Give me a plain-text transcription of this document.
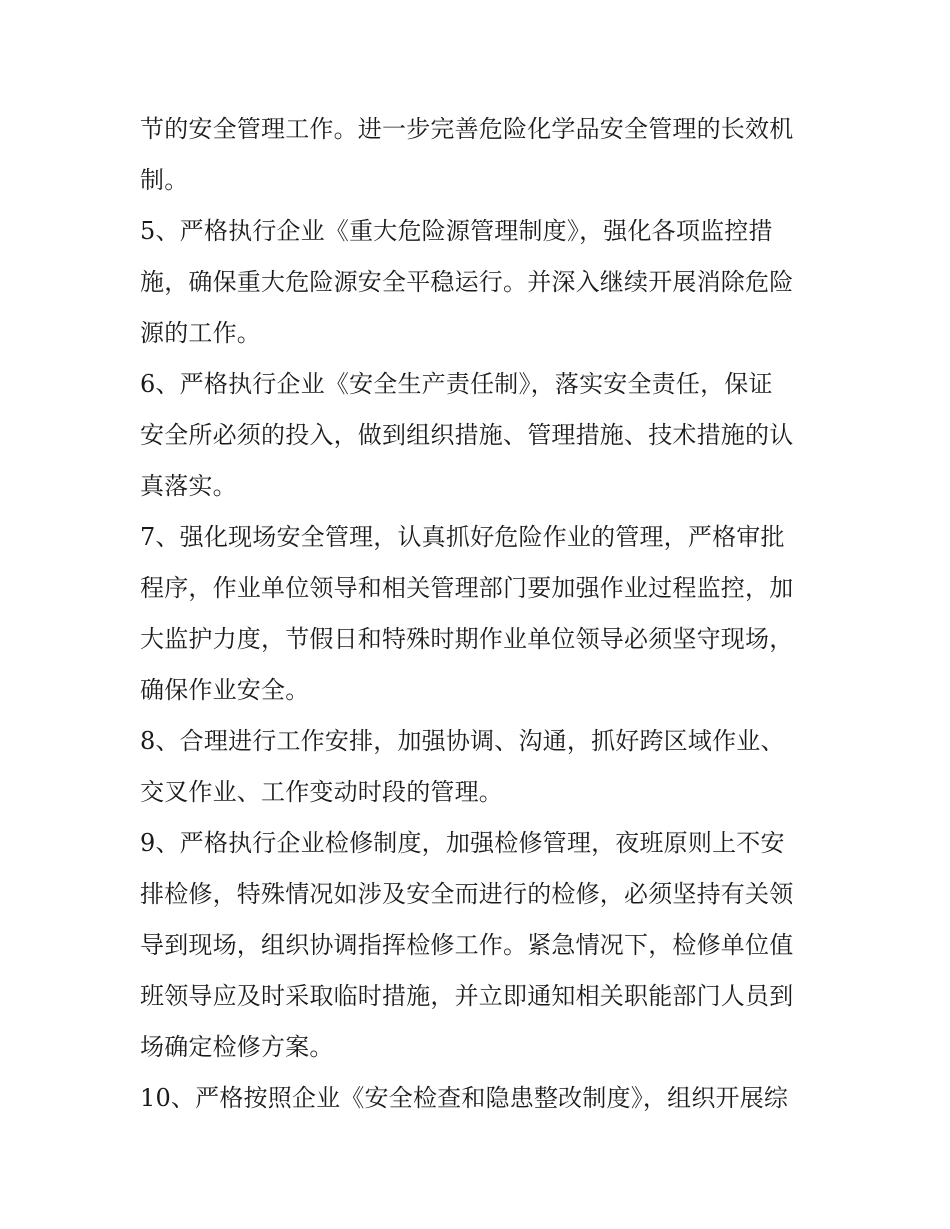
节的安全管理工作。进一步完善危险化学品安全管理的长效机
制。
5、严格执行企业《重大危险源管理制度》，强化各项监控措
施，确保重大危险源安全平稳运行。并深入继续开展消除危险
源的工作。
6、严格执行企业《安全生产责任制》，落实安全责任，保证
安全所必须的投入，做到组织措施、管理措施、技术措施的认
真落实。
7、强化现场安全管理，认真抓好危险作业的管理，严格审批
程序，作业单位领导和相关管理部门要加强作业过程监控，加
大监护力度，节假日和特殊时期作业单位领导必须坚守现场，
确保作业安全。
8、合理进行工作安排，加强协调、沟通，抓好跨区域作业、
交叉作业、工作变动时段的管理。
9、严格执行企业检修制度，加强检修管理，夜班原则上不安
排检修，特殊情况如涉及安全而进行的检修，必须坚持有关领
导到现场，组织协调指挥检修工作。紧急情况下，检修单位值
班领导应及时采取临时措施，并立即通知相关职能部门人员到
场确定检修方案。
10、严格按照企业《安全检查和隐患整改制度》，组织开展综
